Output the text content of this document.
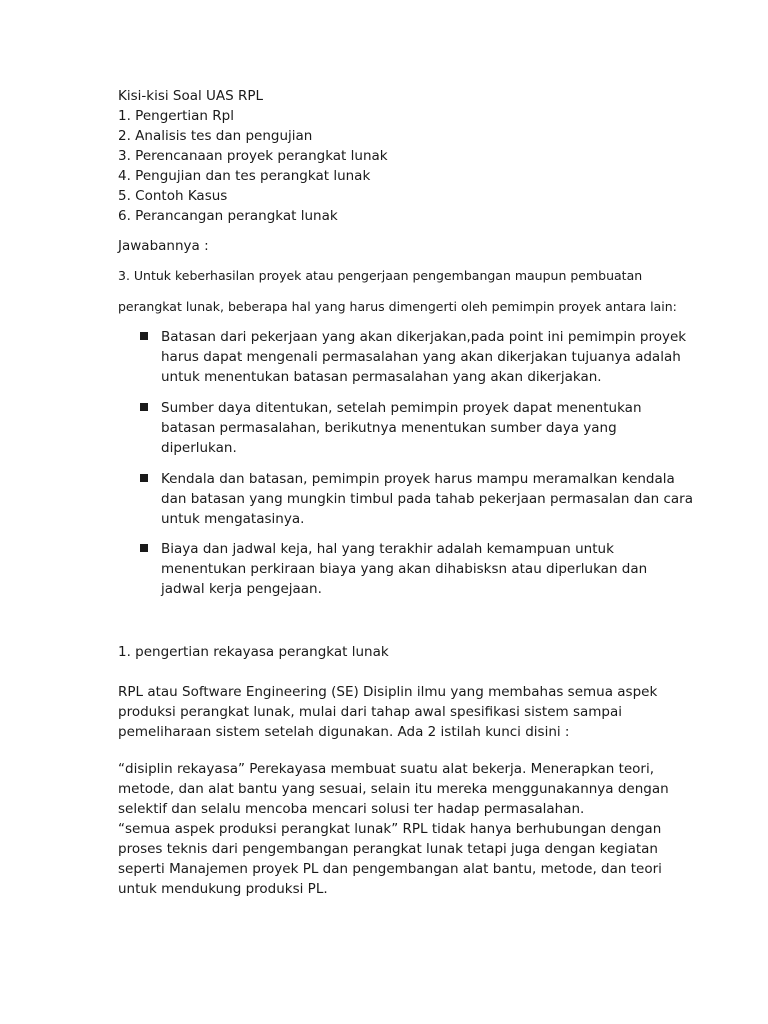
Kisi-kisi Soal UAS RPL
1. Pengertian Rpl
2. Analisis tes dan pengujian
3. Perencanaan proyek perangkat lunak
4. Pengujian dan tes perangkat lunak
5. Contoh Kasus
6. Perancangan perangkat lunak
Jawabannya :
3. Untuk keberhasilan proyek atau pengerjaan pengembangan maupun pembuatan
perangkat lunak, beberapa hal yang harus dimengerti oleh pemimpin proyek antara lain:
Batasan dari pekerjaan yang akan dikerjakan,pada point ini pemimpin proyek
harus dapat mengenali permasalahan yang akan dikerjakan tujuanya adalah
untuk menentukan batasan permasalahan yang akan dikerjakan.
Sumber daya ditentukan, setelah pemimpin proyek dapat menentukan
batasan permasalahan, berikutnya menentukan sumber daya yang
diperlukan.
Kendala dan batasan, pemimpin proyek harus mampu meramalkan kendala
dan batasan yang mungkin timbul pada tahab pekerjaan permasalan dan cara
untuk mengatasinya.
Biaya dan jadwal keja, hal yang terakhir adalah kemampuan untuk
menentukan perkiraan biaya yang akan dihabisksn atau diperlukan dan
jadwal kerja pengejaan.
1. pengertian rekayasa perangkat lunak
RPL atau Software Engineering (SE) Disiplin ilmu yang membahas semua aspek
produksi perangkat lunak, mulai dari tahap awal spesifikasi sistem sampai
pemeliharaan sistem setelah digunakan. Ada 2 istilah kunci disini :
“disiplin rekayasa” Perekayasa membuat suatu alat bekerja. Menerapkan teori,
metode, dan alat bantu yang sesuai, selain itu mereka menggunakannya dengan
selektif dan selalu mencoba mencari solusi ter hadap permasalahan.
“semua aspek produksi perangkat lunak” RPL tidak hanya berhubungan dengan
proses teknis dari pengembangan perangkat lunak tetapi juga dengan kegiatan
seperti Manajemen proyek PL dan pengembangan alat bantu, metode, dan teori
untuk mendukung produksi PL.
